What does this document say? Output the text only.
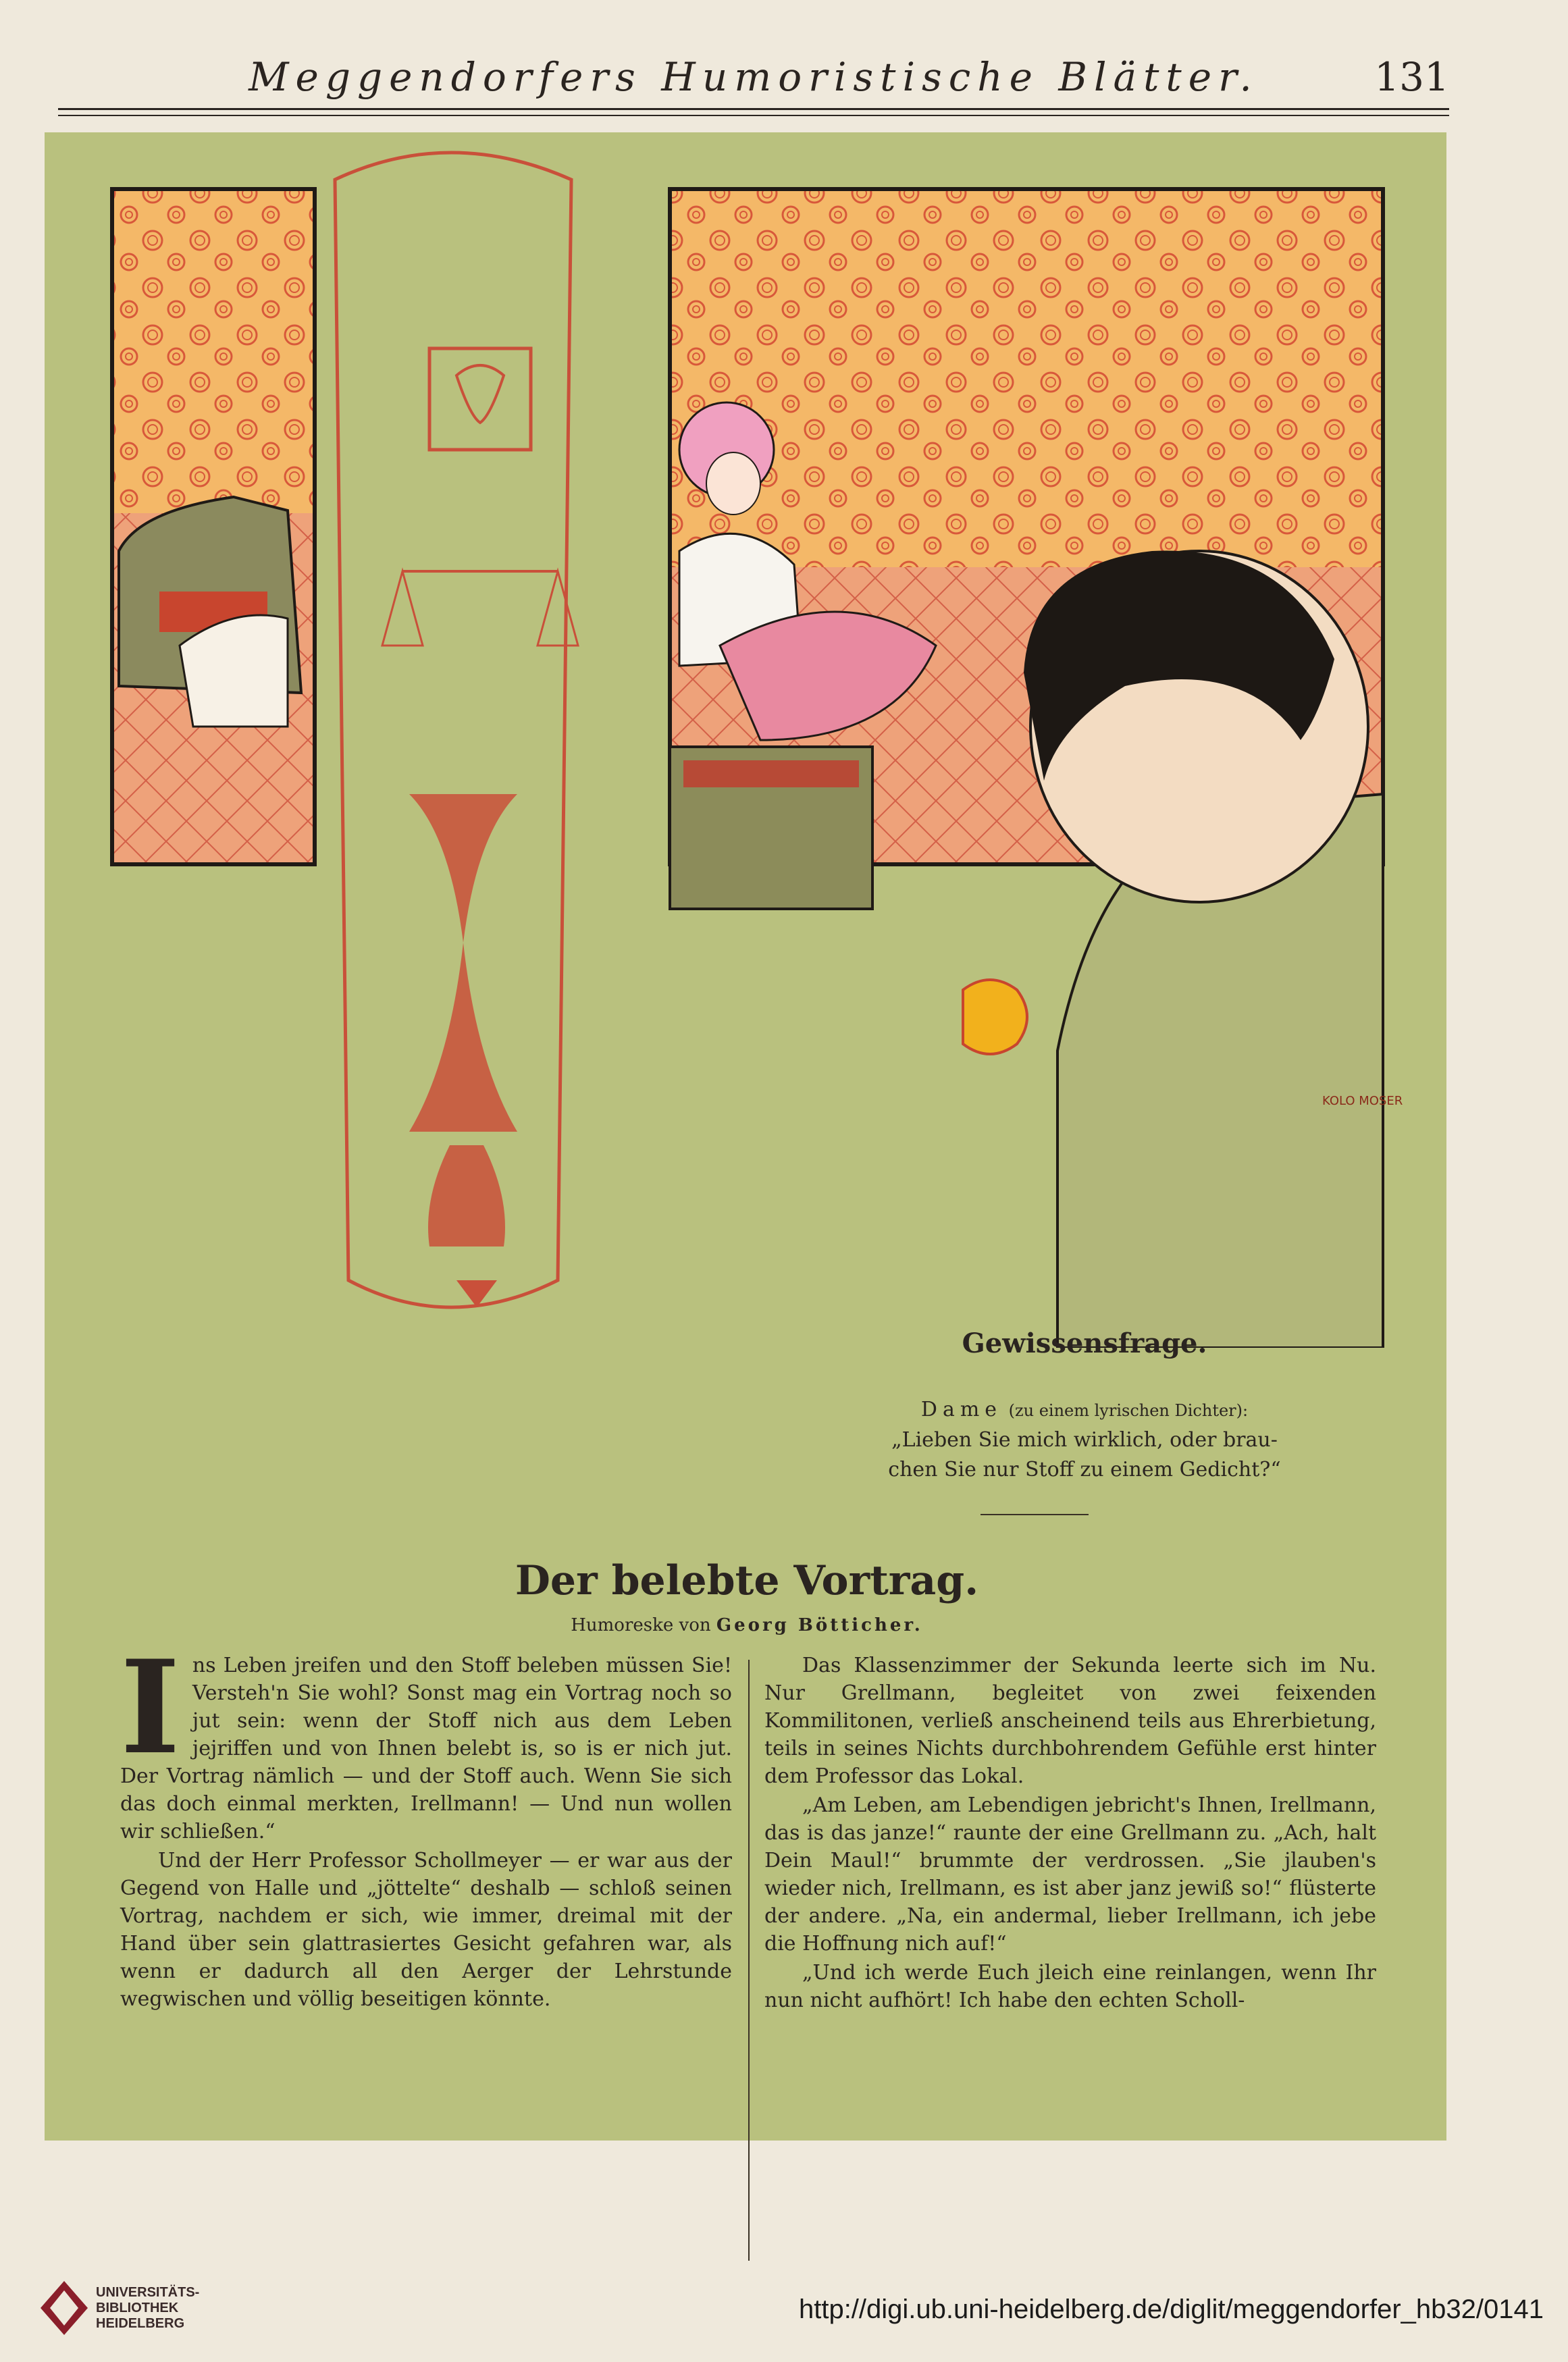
Meggendorfers Humoristische Blätter.	131
KOLO MOSER
Gewissensfrage.
Dame (zu einem lyrischen Dichter):
„Lieben Sie mich wirklich, oder brau-
chen Sie nur Stoff zu einem Gedicht?“
Der belebte Vortrag.
Humoreske von Georg Bötticher.

Ins Leben jreifen und den Stoff beleben müssen Sie! Versteh'n Sie wohl? Sonst mag ein Vortrag noch so jut sein: wenn der Stoff nich aus dem Leben jejriffen und von Ihnen belebt is, so is er nich jut. Der Vortrag nämlich — und der Stoff auch. Wenn Sie sich das doch einmal merkten, Irellmann! — Und nun wollen wir schließen.“

Und der Herr Professor Schollmeyer — er war aus der Gegend von Halle und „jöttelte“ deshalb — schloß seinen Vortrag, nachdem er sich, wie immer, dreimal mit der Hand über sein glattrasiertes Gesicht gefahren war, als wenn er dadurch all den Aerger der Lehrstunde wegwischen und völlig beseitigen könnte.

Das Klassenzimmer der Sekunda leerte sich im Nu. Nur Grellmann, begleitet von zwei feixenden Kommilitonen, verließ anscheinend teils aus Ehrerbietung, teils in seines Nichts durchbohrendem Gefühle erst hinter dem Professor das Lokal.

„Am Leben, am Lebendigen jebricht's Ihnen, Irellmann, das is das janze!“ raunte der eine Grellmann zu. „Ach, halt Dein Maul!“ brummte der verdrossen. „Sie jlauben's wieder nich, Irellmann, es ist aber janz jewiß so!“ flüsterte der andere. „Na, ein andermal, lieber Irellmann, ich jebe die Hoffnung nich auf!“

„Und ich werde Euch jleich eine reinlangen, wenn Ihr nun nicht aufhört! Ich habe den echten Scholl-

UNIVERSITÄTS-
BIBLIOTHEK
HEIDELBERG	http://digi.ub.uni-heidelberg.de/diglit/meggendorfer_hb32/0141
